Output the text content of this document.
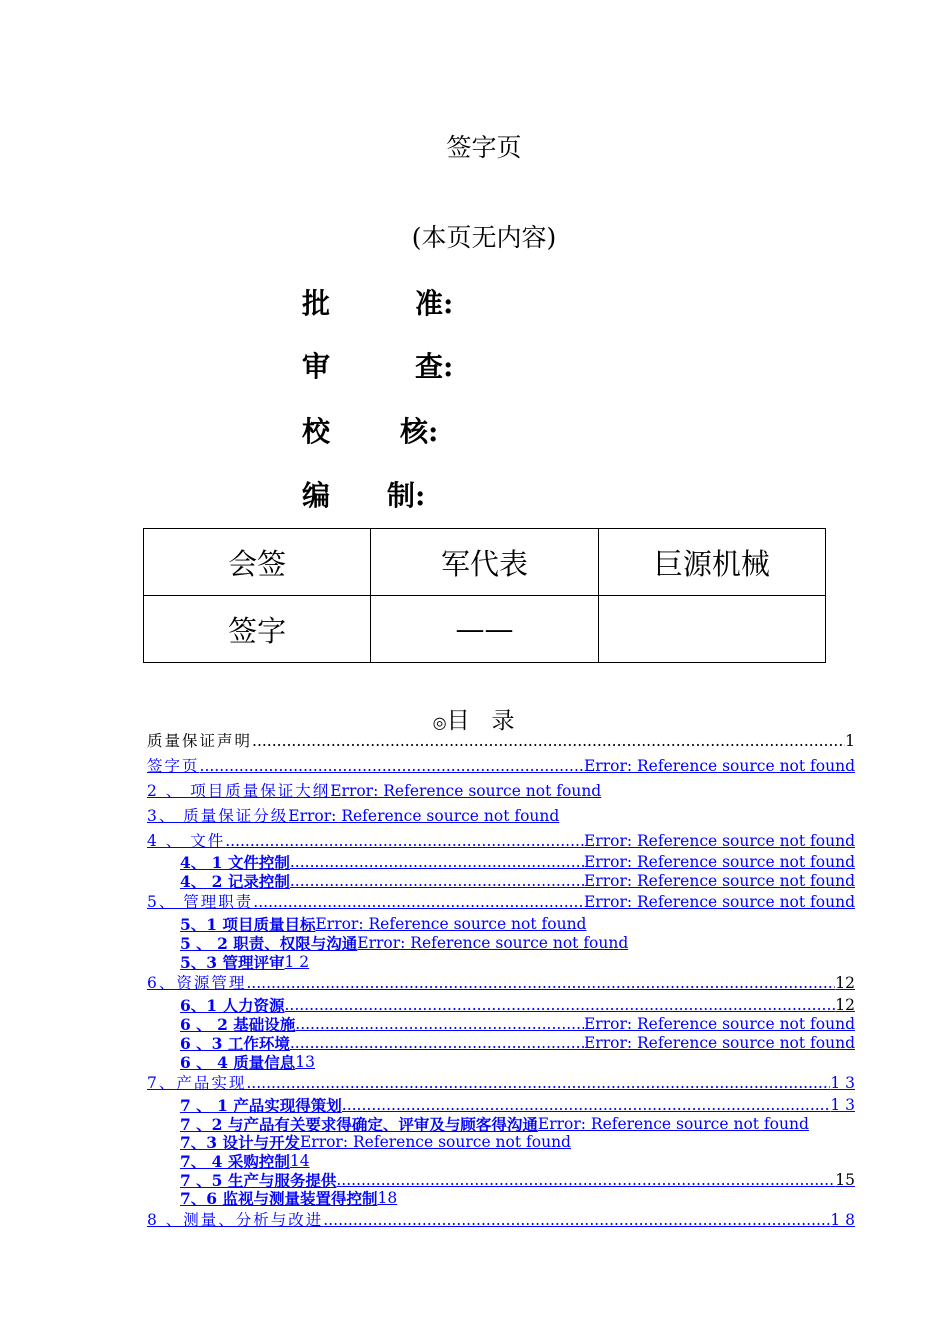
签字页
(本页无内容)
批	准:
审	查:
校 核:
编 制:
会签	军代表	巨源机械
签字	——	

◎目   录

质量保证声明 .....	1
签字页 .....	Error: Reference source not found
2 、 项目质量保证大纲 Error: Reference source not found
3、 质量保证分级 Error: Reference source not found
4 、 文件 .....	Error: Reference source not found
4、 1 文件控制 .....	Error: Reference source not found
4、 2 记录控制 .....	Error: Reference source not found
5、 管理职责 .....	Error: Reference source not found
5、1 项目质量目标 Error: Reference source not found
5 、 2 职责、权限与沟通 Error: Reference source not found
5、3 管理评审 1 2
6、资源管理 .....	12
6、1 人力资源 .....	12
6 、 2 基础设施 .....	Error: Reference source not found
6 、3 工作环境 .....	Error: Reference source not found
6 、 4 质量信息 13
7、产品实现 .....	1 3
7 、 1 产品实现得策划 .....	1 3
7 、2 与产品有关要求得确定、评审及与顾客得沟通 Error: Reference source not found
7、3 设计与开发 Error: Reference source not found
7、 4 采购控制 14
7 、5 生产与服务提供 .....	15
7、6 监视与测量装置得控制 18
8 、测量、分析与改进 .....	1 8
